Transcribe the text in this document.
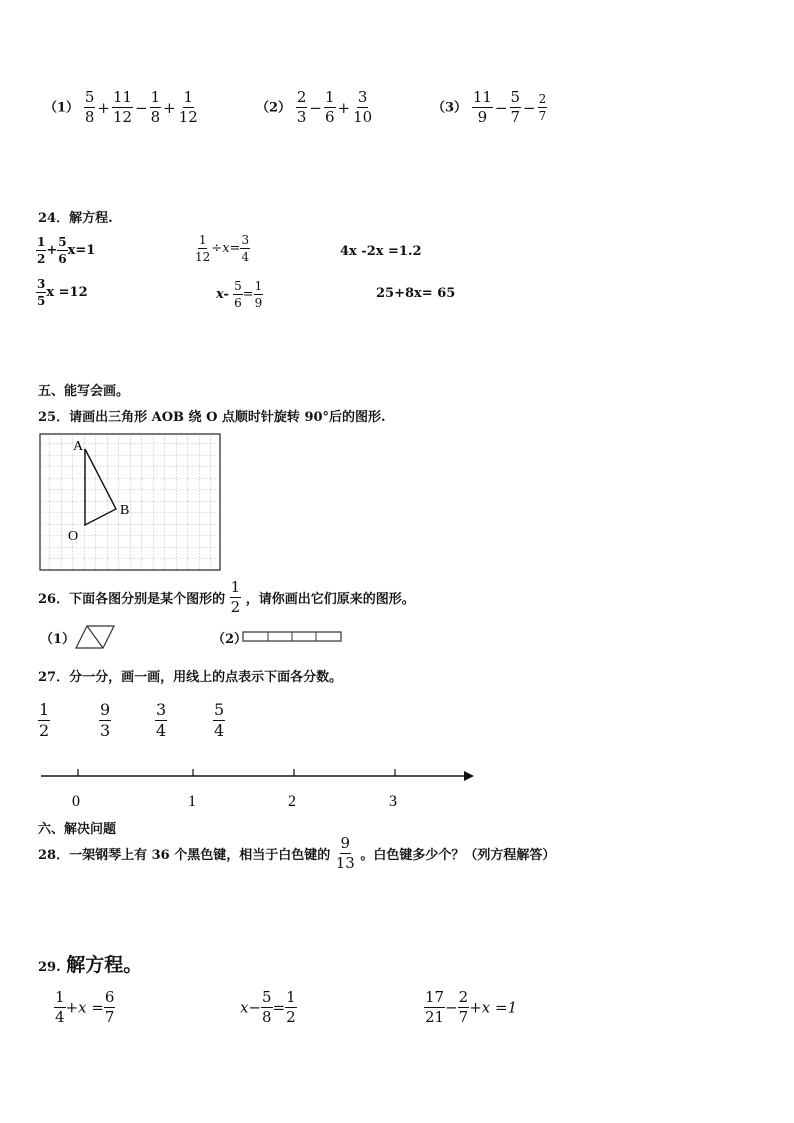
$(1) \frac{5}{8} + \frac{11}{12} - \frac{1}{8} + \frac{1}{12}$	$(2) \frac{2}{3} - \frac{1}{6} + \frac{3}{10}$	$(3) \frac{11}{9} - \frac{5}{7} - \frac{2}{7}$
24．解方程.
$\frac{1}{2} + \frac{5}{6} x=1$	$\frac{1}{12} \div x= \frac{3}{4}$	4x -2x =1.2
$\frac{3}{5}$ x =12	$x- \frac{5}{6} = \frac{1}{9}$	25+8x= 65
五、能写会画。
25．请画出三角形 AOB 绕 O 点顺时针旋转 90°后的图形.
A
B
O
26．下面各图分别是某个图形的 $\frac{1}{2}$ ，请你画出它们原来的图形。
（1）	（2）
27．分一分，画一画，用线上的点表示下面各分数。
$\frac{1}{2}$	$\frac{9}{3}$	$\frac{3}{4}$	$\frac{5}{4}$
0	1	2	3
六、解决问题
28．一架钢琴上有 36 个黑色键，相当于白色键的 $\frac{9}{13}$ 。白色键多少个？（列方程解答）
29. 解方程。
$\frac{1}{4} +x = \frac{6}{7}$	$x- \frac{5}{8} = \frac{1}{2}$	$\frac{17}{21} - \frac{2}{7} +x =1$
